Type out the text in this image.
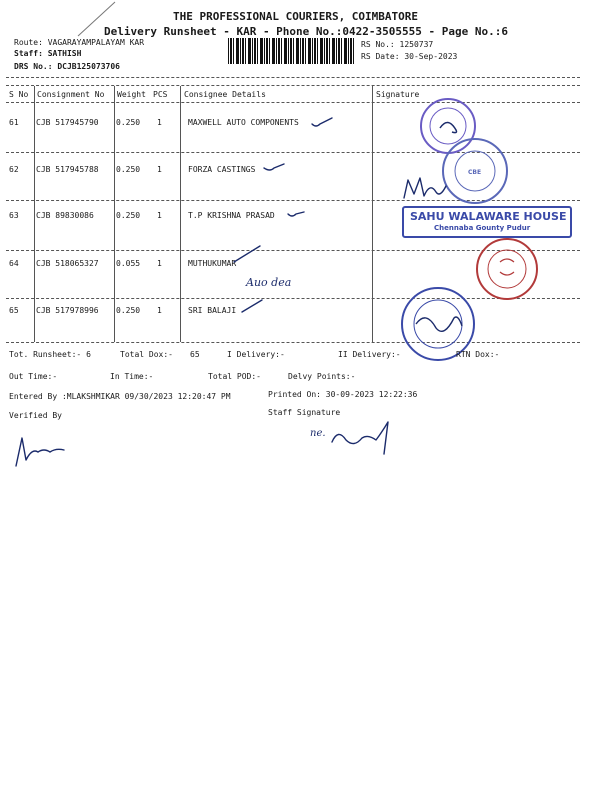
THE PROFESSIONAL COURIERS, COIMBATORE
Delivery Runsheet - KAR - Phone No.:0422-3505555 - Page No.:6
Route: VAGARAYAMPALAYAM KAR
Staff: SATHISH
DRS No.: DCJB125073706
RS No.: 1250737
RS Date: 30-Sep-2023
S No Consignment No Weight PCS Consignee Details	Signature
61 CJB 517945790 0.250 1	MAXWELL AUTO COMPONENTS
62 CJB 517945788 0.250 1	FORZA CASTINGS
63 CJB 89830086	0.250 1	T.P KRISHNA PRASAD
64 CJB 518065327 0.055 1	MUTHUKUMAR
65 CJB 517978996 0.250 1	SRI BALAJI
Auo dea
CBE
SAHU WALAWARE HOUSE
Chennaba Gounty Pudur
Tot. Runsheet:- 6	Total Dox:- 65	I Delivery:-	II Delivery:-	RTN Dox:-
Out Time:-	In Time:-	Total POD:-	Delvy Points:-
Entered By :MLAKSHMIKAR 09/30/2023 12:20:47 PM	Printed On: 30-09-2023 12:22:36
Verified By	Staff Signature
ne.
